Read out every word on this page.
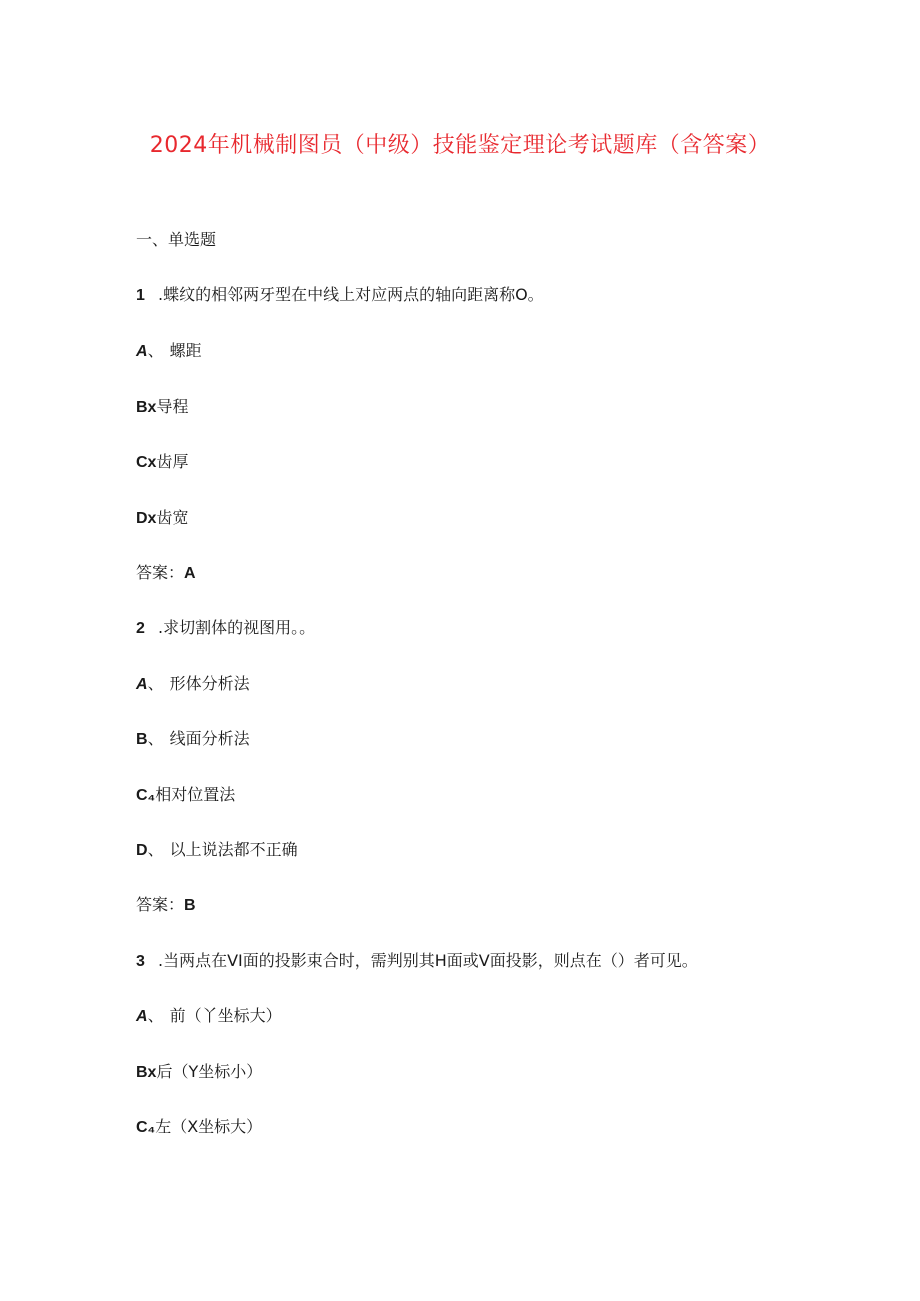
2024年机械制图员（中级）技能鉴定理论考试题库（含答案）
一、单选题
1 .蝶纹的相邻两牙型在中线上对应两点的轴向距离称O。
A、 螺距
Bx导程
Cx齿厚
Dx齿宽
答案：A
2 .求切割体的视图用。。
A、 形体分析法
B、 线面分析法
C₄相对位置法
D、 以上说法都不正确
答案：B
3 .当两点在VI面的投影束合时，需判别其H面或V面投影，则点在（）者可见。
A、 前（丫坐标大）
Bx后（Y坐标小）
C₄左（X坐标大）
